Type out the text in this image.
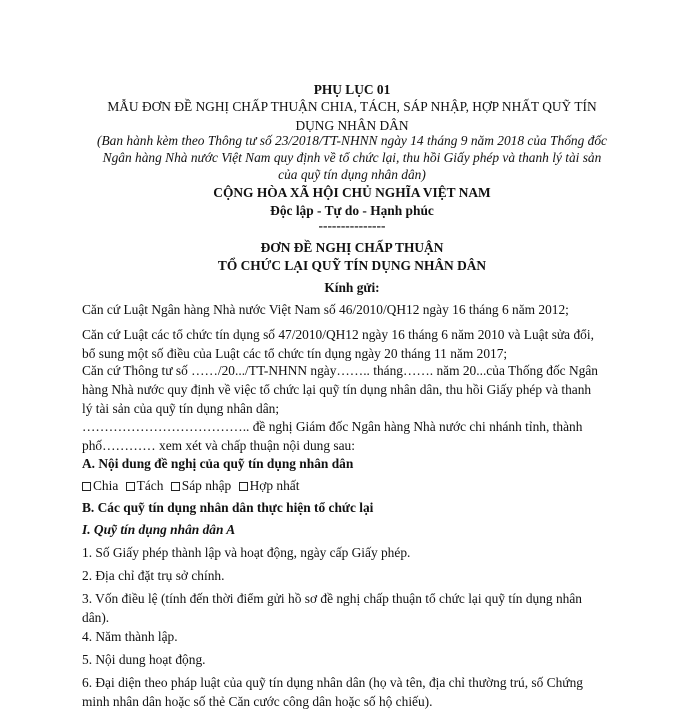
PHỤ LỤC 01

MẪU ĐƠN ĐỀ NGHỊ CHẤP THUẬN CHIA, TÁCH, SÁP NHẬP, HỢP NHẤT QUỸ TÍN
DỤNG NHÂN DÂN

(Ban hành kèm theo Thông tư số 23/2018/TT-NHNN ngày 14 tháng 9 năm 2018 của Thống đốc
Ngân hàng Nhà nước Việt Nam quy định về tổ chức lại, thu hồi Giấy phép và thanh lý tài sản
của quỹ tín dụng nhân dân)

CỘNG HÒA XÃ HỘI CHỦ NGHĨA VIỆT NAM

Độc lập - Tự do - Hạnh phúc

---------------

ĐƠN ĐỀ NGHỊ CHẤP THUẬN

TỔ CHỨC LẠI QUỸ TÍN DỤNG NHÂN DÂN

Kính gửi:

Căn cứ Luật Ngân hàng Nhà nước Việt Nam số 46/2010/QH12 ngày 16 tháng 6 năm 2012;

Căn cứ Luật các tổ chức tín dụng số 47/2010/QH12 ngày 16 tháng 6 năm 2010 và Luật sửa đổi,
bổ sung một số điều của Luật các tổ chức tín dụng ngày 20 tháng 11 năm 2017;

Căn cứ Thông tư số ……/20.../TT-NHNN ngày…….. tháng……. năm 20...của Thống đốc Ngân
hàng Nhà nước quy định về việc tổ chức lại quỹ tín dụng nhân dân, thu hồi Giấy phép và thanh
lý tài sản của quỹ tín dụng nhân dân;

……………………………….. đề nghị Giám đốc Ngân hàng Nhà nước chi nhánh tỉnh, thành
phố………… xem xét và chấp thuận nội dung sau:

A. Nội dung đề nghị của quỹ tín dụng nhân dân

Chia Tách Sáp nhập Hợp nhất

B. Các quỹ tín dụng nhân dân thực hiện tổ chức lại

I. Quỹ tín dụng nhân dân A

1. Số Giấy phép thành lập và hoạt động, ngày cấp Giấy phép.

2. Địa chỉ đặt trụ sở chính.

3. Vốn điều lệ (tính đến thời điểm gửi hồ sơ đề nghị chấp thuận tổ chức lại quỹ tín dụng nhân
dân).

4. Năm thành lập.

5. Nội dung hoạt động.

6. Đại diện theo pháp luật của quỹ tín dụng nhân dân (họ và tên, địa chỉ thường trú, số Chứng
minh nhân dân hoặc số thẻ Căn cước công dân hoặc số hộ chiếu).
